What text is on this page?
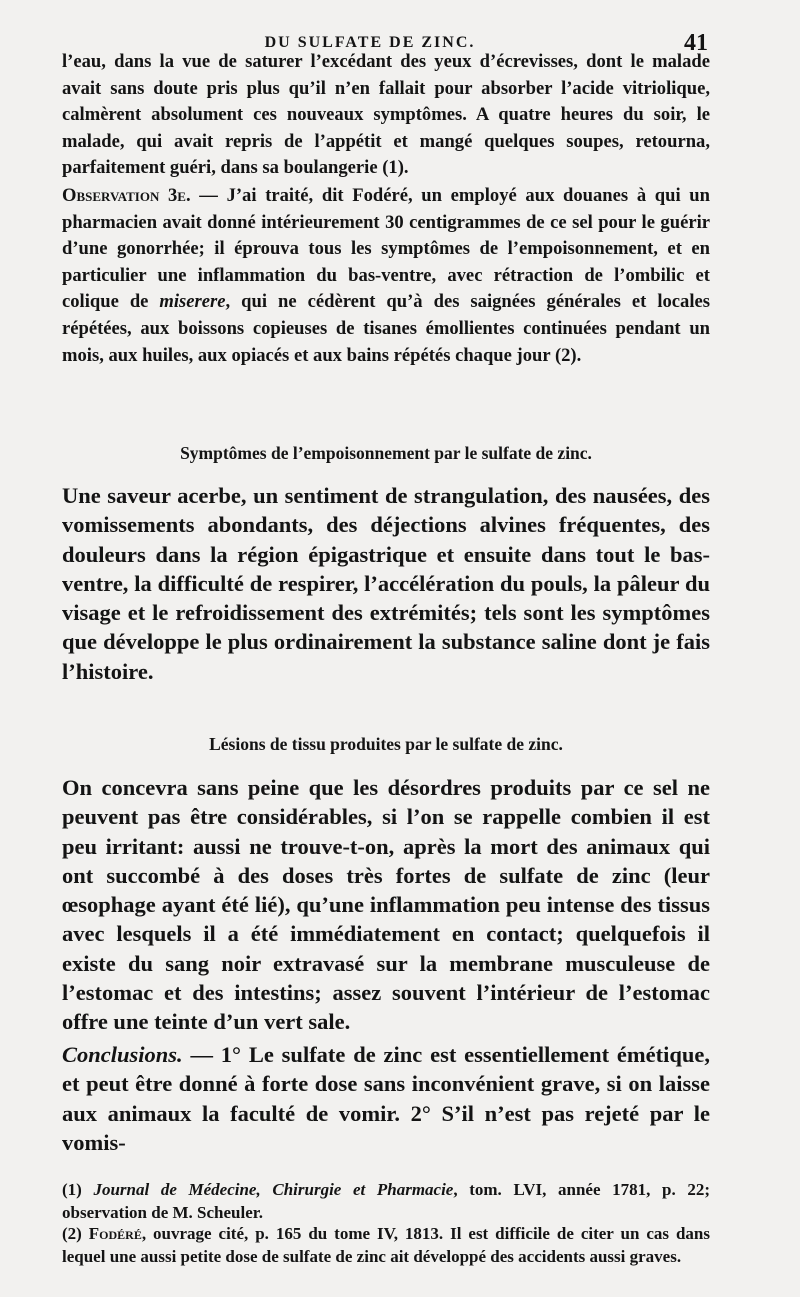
DU SULFATE DE ZINC.	41

l’eau, dans la vue de saturer l’excédant des yeux d’écrevisses, dont le malade avait sans doute pris plus qu’il n’en fallait pour absorber l’acide vitriolique, calmèrent absolument ces nouveaux symptômes. A quatre heures du soir, le malade, qui avait repris de l’appétit et mangé quelques soupes, retourna, parfaitement guéri, dans sa boulangerie (1).

Observation 3e. — J’ai traité, dit Fodéré, un employé aux douanes à qui un pharmacien avait donné intérieurement 30 centigrammes de ce sel pour le guérir d’une gonorrhée; il éprouva tous les symptômes de l’empoisonnement, et en particulier une inflammation du bas-ventre, avec rétraction de l’ombilic et colique de miserere, qui ne cédèrent qu’à des saignées générales et locales répétées, aux boissons copieuses de tisanes émollientes continuées pendant un mois, aux huiles, aux opiacés et aux bains répétés chaque jour (2).

Symptômes de l’empoisonnement par le sulfate de zinc.

Une saveur acerbe, un sentiment de strangulation, des nausées, des vomissements abondants, des déjections alvines fréquentes, des douleurs dans la région épigastrique et ensuite dans tout le bas-ventre, la difficulté de respirer, l’accélération du pouls, la pâleur du visage et le refroidissement des extrémités; tels sont les symptômes que développe le plus ordinairement la substance saline dont je fais l’histoire.

Lésions de tissu produites par le sulfate de zinc.

On concevra sans peine que les désordres produits par ce sel ne peuvent pas être considérables, si l’on se rappelle combien il est peu irritant: aussi ne trouve-t-on, après la mort des animaux qui ont succombé à des doses très fortes de sulfate de zinc (leur œsophage ayant été lié), qu’une inflammation peu intense des tissus avec lesquels il a été immédiatement en contact; quelquefois il existe du sang noir extravasé sur la membrane musculeuse de l’estomac et des intestins; assez souvent l’intérieur de l’estomac offre une teinte d’un vert sale.

Conclusions. — 1° Le sulfate de zinc est essentiellement émétique, et peut être donné à forte dose sans inconvénient grave, si on laisse aux animaux la faculté de vomir. 2° S’il n’est pas rejeté par le vomis-

(1) Journal de Médecine, Chirurgie et Pharmacie, tom. LVI, année 1781, p. 22; observation de M. Scheuler.

(2) Fodéré, ouvrage cité, p. 165 du tome IV, 1813. Il est difficile de citer un cas dans lequel une aussi petite dose de sulfate de zinc ait développé des accidents aussi graves.
